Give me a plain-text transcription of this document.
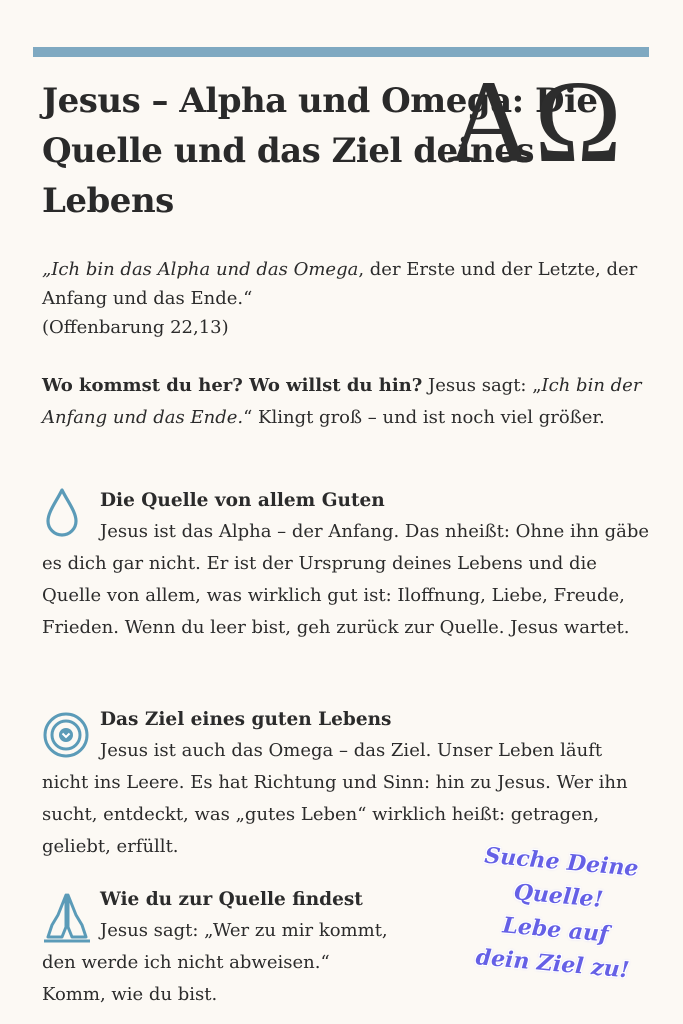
Jesus – Alpha und Omega: Die Quelle und das Ziel deines Lebens
ΑΩ
„Ich bin das Alpha und das Omega, der Erste und der Letzte, der Anfang und das Ende.“
(Offenbarung 22,13)
Wo kommst du her? Wo willst du hin? Jesus sagt: „Ich bin der Anfang und das Ende.“ Klingt groß – und ist noch viel größer.
Die Quelle von allem Guten
Jesus ist das Alpha – der Anfang. Das nheißt: Ohne ihn gäbe es dich gar nicht. Er ist der Ursprung deines Lebens und die Quelle von allem, was wirklich gut ist: Iloffnung, Liebe, Freude, Frieden. Wenn du leer bist, geh zurück zur Quelle. Jesus wartet.
Das Ziel eines guten Lebens
Jesus ist auch das Omega – das Ziel. Unser Leben läuft nicht ins Leere. Es hat Richtung und Sinn: hin zu Jesus. Wer ihn sucht, entdeckt, was „gutes Leben“ wirklich heißt: getragen, geliebt, erfüllt.
Wie du zur Quelle findest
Jesus sagt: „Wer zu mir kommt, den werde ich nicht abweisen.“ Komm, wie du bist.
Suche Deine
Quelle!
Lebe auf
dein Ziel zu!
